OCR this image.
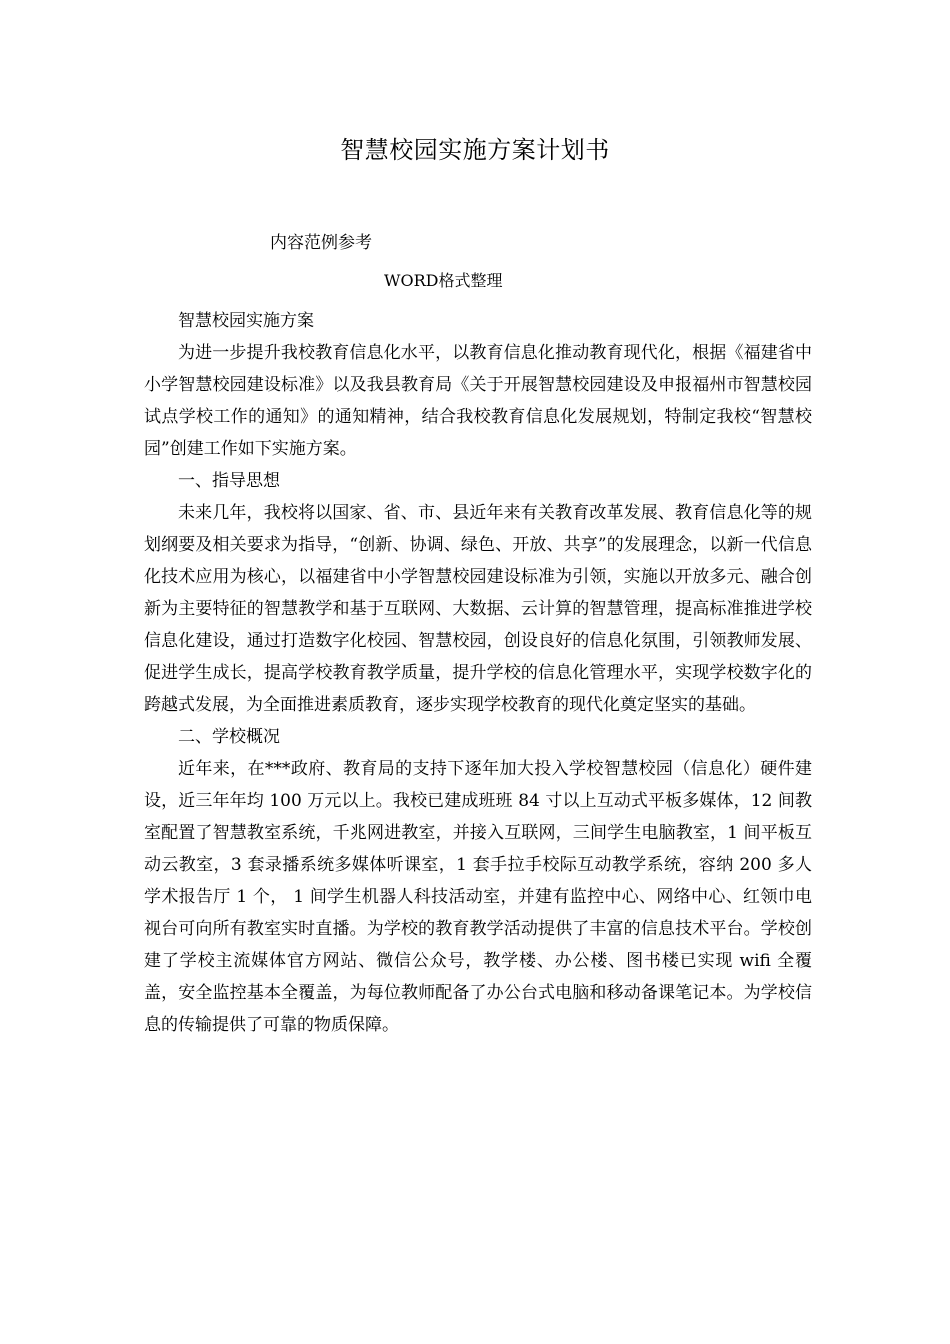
智慧校园实施方案计划书
内容范例参考
WORD格式整理

智慧校园实施方案

为进一步提升我校教育信息化水平，以教育信息化推动教育现代化，根据《福建省中小学智慧校园建设标准》以及我县教育局《关于开展智慧校园建设及申报福州市智慧校园试点学校工作的通知》的通知精神，结合我校教育信息化发展规划，特制定我校“智慧校园”创建工作如下实施方案。

一、指导思想

未来几年，我校将以国家、省、市、县近年来有关教育改革发展、教育信息化等的规划纲要及相关要求为指导，“创新、协调、绿色、开放、共享”的发展理念，以新一代信息化技术应用为核心，以福建省中小学智慧校园建设标准为引领，实施以开放多元、融合创新为主要特征的智慧教学和基于互联网、大数据、云计算的智慧管理，提高标准推进学校信息化建设，通过打造数字化校园、智慧校园，创设良好的信息化氛围，引领教师发展、促进学生成长，提高学校教育教学质量，提升学校的信息化管理水平，实现学校数字化的跨越式发展，为全面推进素质教育，逐步实现学校教育的现代化奠定坚实的基础。

二、学校概况

近年来，在***政府、教育局的支持下逐年加大投入学校智慧校园（信息化）硬件建设，近三年年均 100 万元以上。我校已建成班班 84 寸以上互动式平板多媒体，12 间教室配置了智慧教室系统，千兆网进教室，并接入互联网，三间学生电脑教室，1 间平板互动云教室，3 套录播系统多媒体听课室，1 套手拉手校际互动教学系统，容纳 200 多人学术报告厅 1 个， 1 间学生机器人科技活动室，并建有监控中心、网络中心、红领巾电视台可向所有教室实时直播。为学校的教育教学活动提供了丰富的信息技术平台。学校创建了学校主流媒体官方网站、微信公众号，教学楼、办公楼、图书楼已实现 wifi 全覆盖，安全监控基本全覆盖，为每位教师配备了办公台式电脑和移动备课笔记本。为学校信息的传输提供了可靠的物质保障。
